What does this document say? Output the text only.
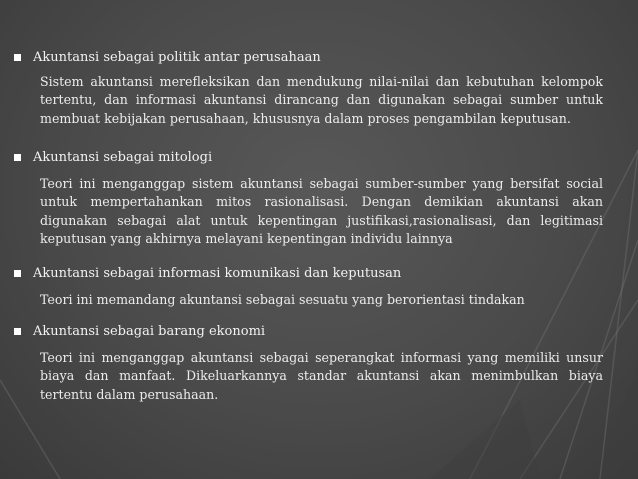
Akuntansi sebagai politik antar perusahaan
Sistem akuntansi merefleksikan dan mendukung nilai-nilai dan kebutuhan kelompok tertentu, dan informasi akuntansi dirancang dan digunakan sebagai sumber untuk membuat kebijakan perusahaan, khususnya dalam proses pengambilan keputusan.
Akuntansi sebagai mitologi
Teori ini menganggap sistem akuntansi sebagai sumber-sumber yang bersifat social untuk mempertahankan mitos rasionalisasi. Dengan demikian akuntansi akan digunakan sebagai alat untuk kepentingan justifikasi,rasionalisasi, dan legitimasi keputusan yang akhirnya melayani kepentingan individu lainnya
Akuntansi sebagai informasi komunikasi dan keputusan
Teori ini memandang akuntansi sebagai sesuatu yang berorientasi tindakan
Akuntansi sebagai barang ekonomi
Teori ini menganggap akuntansi sebagai seperangkat informasi yang memiliki unsur biaya dan manfaat. Dikeluarkannya standar akuntansi akan menimbulkan biaya tertentu dalam perusahaan.
